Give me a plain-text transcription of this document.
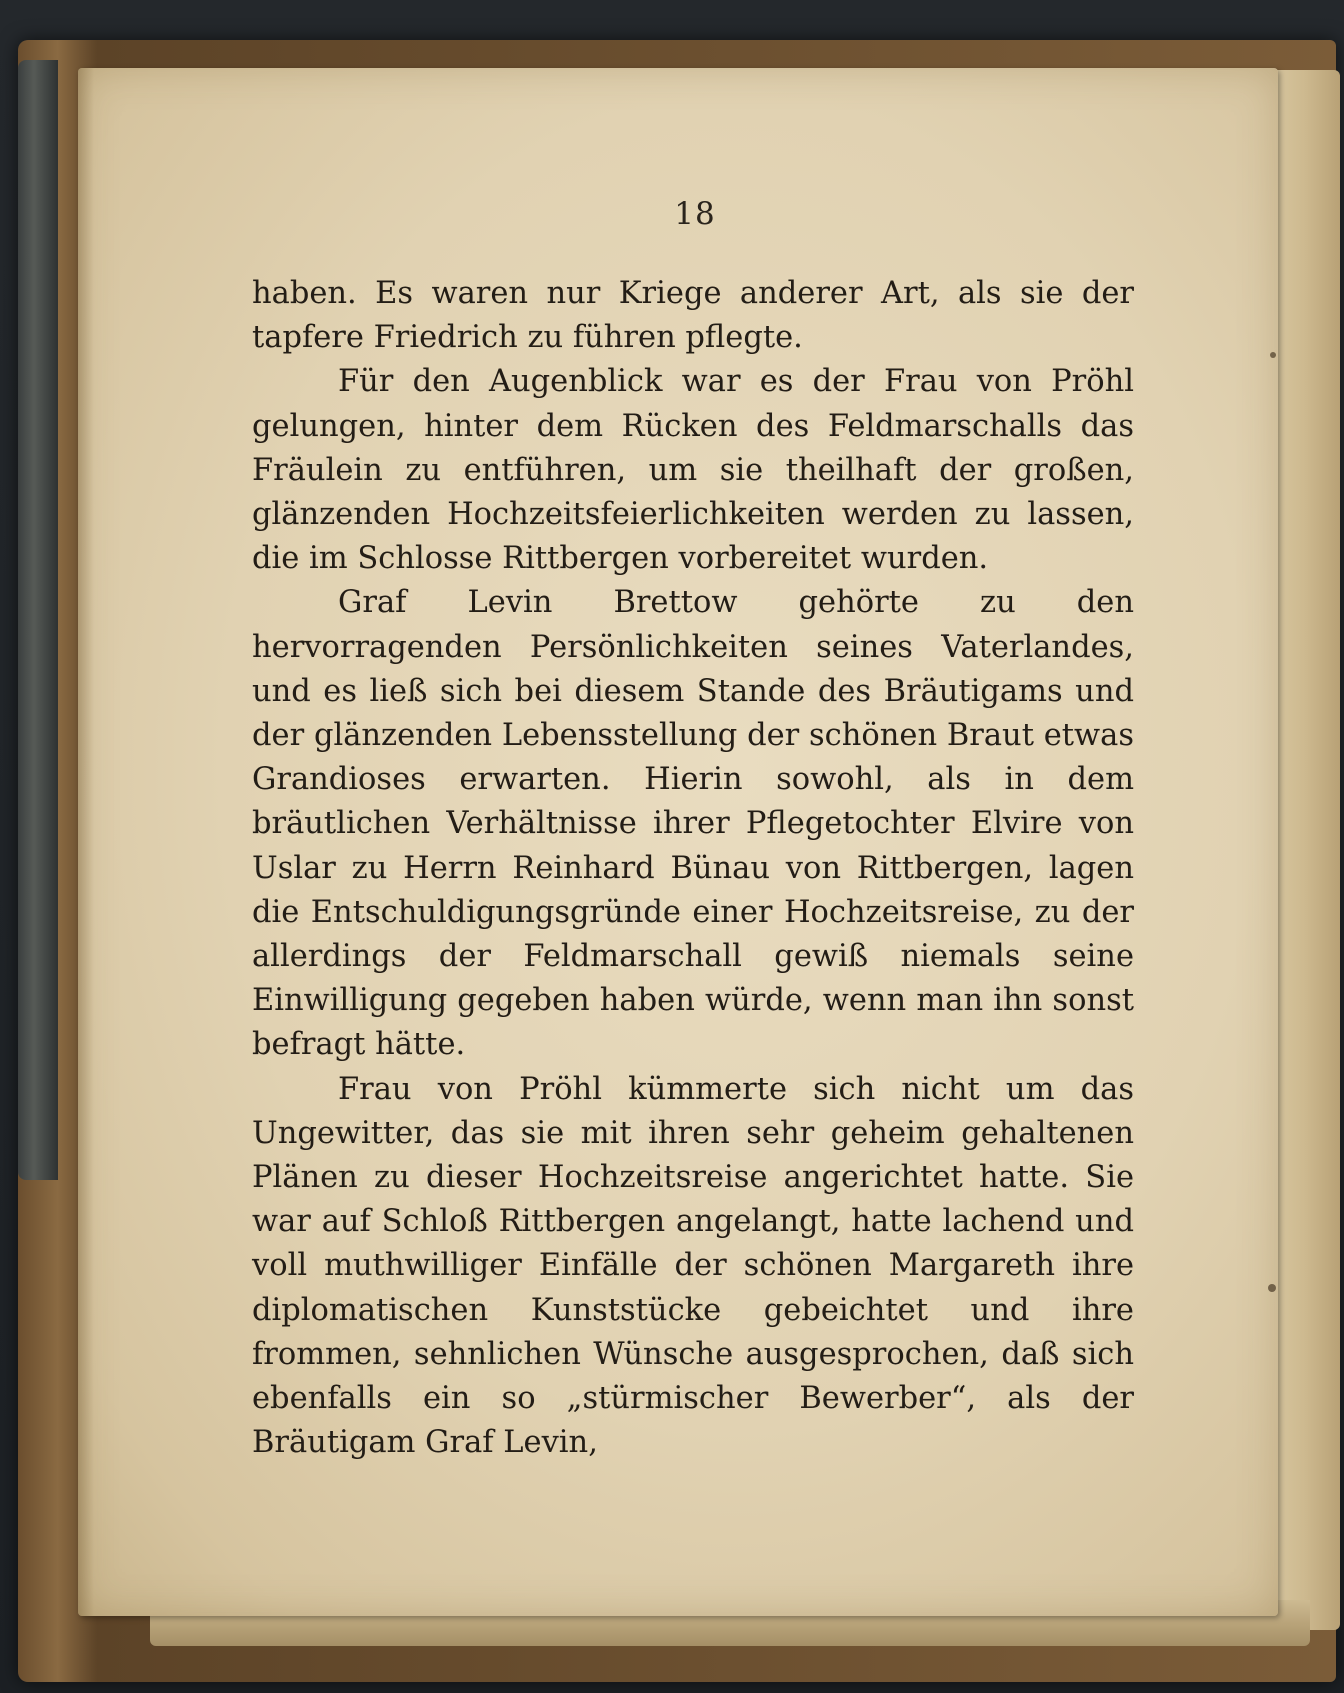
18

haben. Es waren nur Kriege anderer Art, als sie der tapfere Friedrich zu führen pflegte.

Für den Augenblick war es der Frau von Pröhl gelungen, hinter dem Rücken des Feldmarschalls das Fräulein zu entführen, um sie theilhaft der großen, glänzenden Hochzeitsfeierlichkeiten werden zu lassen, die im Schlosse Rittbergen vorbereitet wurden.

Graf Levin Brettow gehörte zu den hervorragenden Persönlichkeiten seines Vaterlandes, und es ließ sich bei diesem Stande des Bräutigams und der glänzenden Lebensstellung der schönen Braut etwas Grandioses erwarten. Hierin sowohl, als in dem bräutlichen Verhältnisse ihrer Pflegetochter Elvire von Uslar zu Herrn Reinhard Bünau von Rittbergen, lagen die Entschuldigungsgründe einer Hochzeitsreise, zu der allerdings der Feldmarschall gewiß niemals seine Einwilligung gegeben haben würde, wenn man ihn sonst befragt hätte.

Frau von Pröhl kümmerte sich nicht um das Ungewitter, das sie mit ihren sehr geheim gehaltenen Plänen zu dieser Hochzeitsreise angerichtet hatte. Sie war auf Schloß Rittbergen angelangt, hatte lachend und voll muthwilliger Einfälle der schönen Margareth ihre diplomatischen Kunststücke gebeichtet und ihre frommen, sehnlichen Wünsche ausgesprochen, daß sich ebenfalls ein so „stürmischer Bewerber“, als der Bräutigam Graf Levin,
